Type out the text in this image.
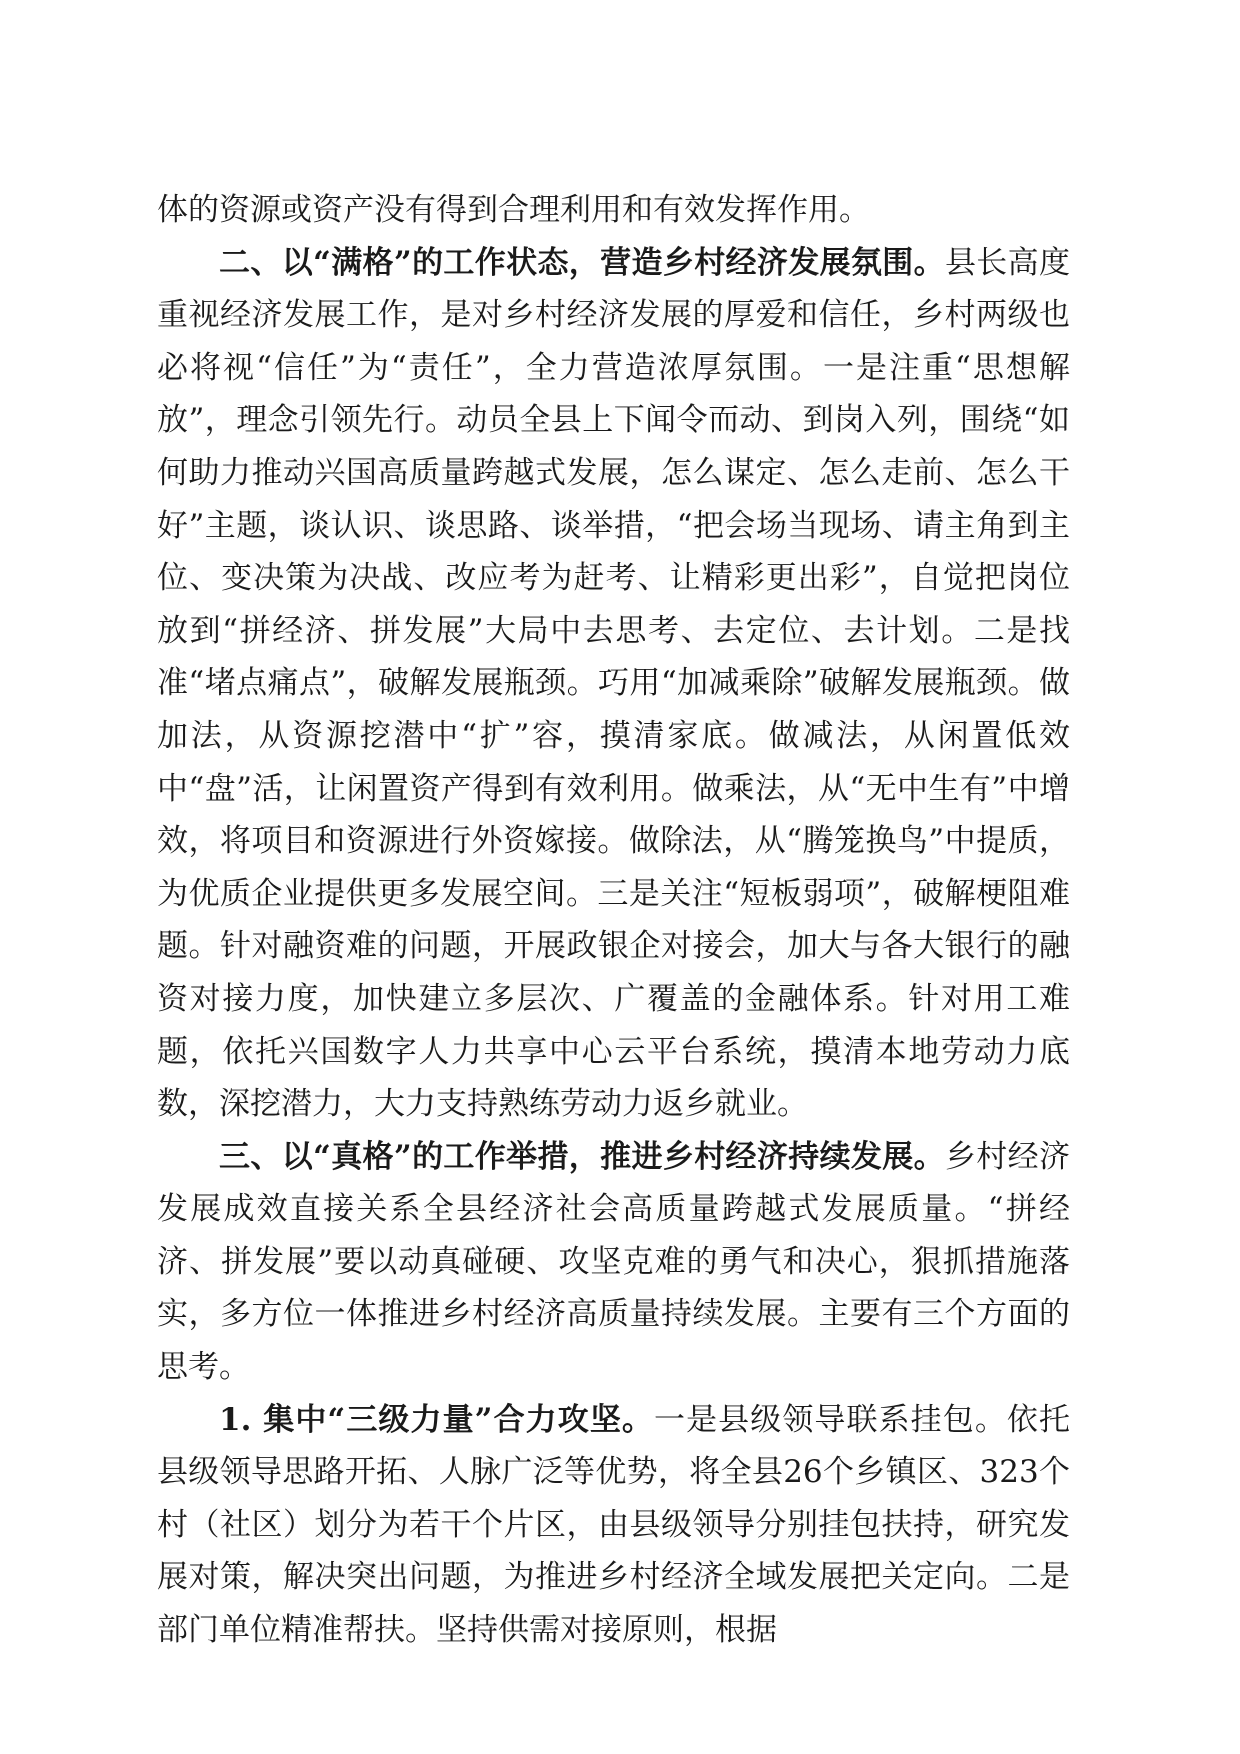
体的资源或资产没有得到合理利用和有效发挥作用。

二、以“满格”的工作状态，营造乡村经济发展氛围。县长高度重视经济发展工作，是对乡村经济发展的厚爱和信任，乡村两级也必将视“信任”为“责任”，全力营造浓厚氛围。一是注重“思想解放”，理念引领先行。动员全县上下闻令而动、到岗入列，围绕“如何助力推动兴国高质量跨越式发展，怎么谋定、怎么走前、怎么干好”主题，谈认识、谈思路、谈举措，“把会场当现场、请主角到主位、变决策为决战、改应考为赶考、让精彩更出彩”，自觉把岗位放到“拼经济、拼发展”大局中去思考、去定位、去计划。二是找准“堵点痛点”，破解发展瓶颈。巧用“加减乘除”破解发展瓶颈。做加法，从资源挖潜中“扩”容，摸清家底。做减法，从闲置低效中“盘”活，让闲置资产得到有效利用。做乘法，从“无中生有”中增效，将项目和资源进行外资嫁接。做除法，从“腾笼换鸟”中提质，为优质企业提供更多发展空间。三是关注“短板弱项”，破解梗阻难题。针对融资难的问题，开展政银企对接会，加大与各大银行的融资对接力度，加快建立多层次、广覆盖的金融体系。针对用工难题，依托兴国数字人力共享中心云平台系统，摸清本地劳动力底数，深挖潜力，大力支持熟练劳动力返乡就业。

三、以“真格”的工作举措，推进乡村经济持续发展。乡村经济发展成效直接关系全县经济社会高质量跨越式发展质量。“拼经济、拼发展”要以动真碰硬、攻坚克难的勇气和决心，狠抓措施落实，多方位一体推进乡村经济高质量持续发展。主要有三个方面的思考。

1. 集中“三级力量”合力攻坚。一是县级领导联系挂包。依托县级领导思路开拓、人脉广泛等优势，将全县26个乡镇区、323个村（社区）划分为若干个片区，由县级领导分别挂包扶持，研究发展对策，解决突出问题，为推进乡村经济全域发展把关定向。二是部门单位精准帮扶。坚持供需对接原则，根据
